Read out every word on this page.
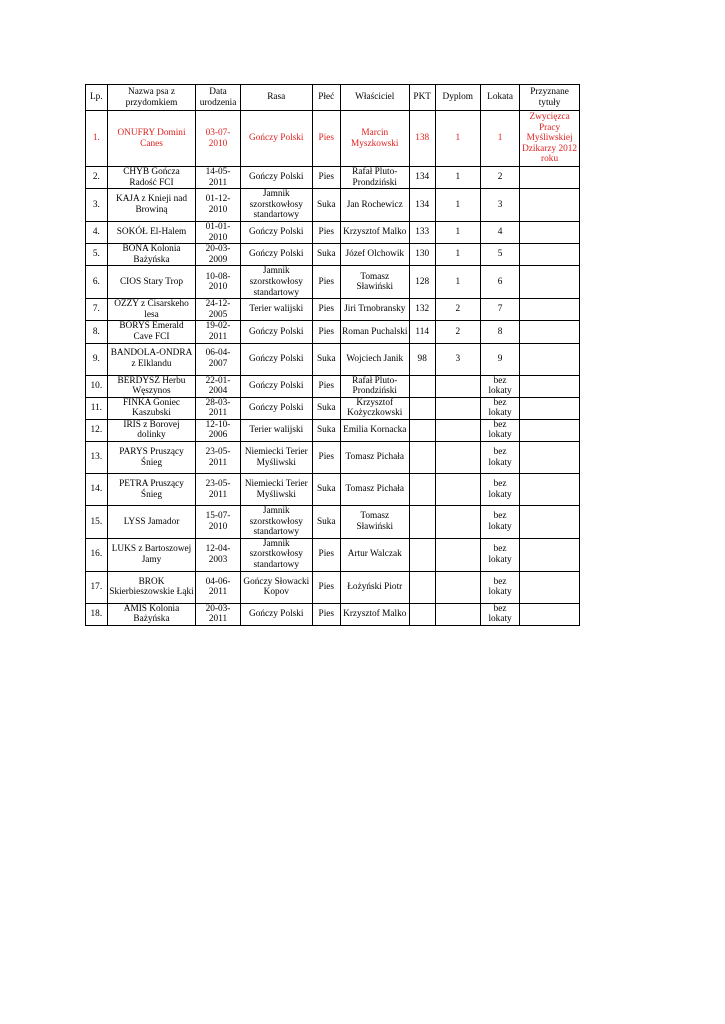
Lp.	Nazwa psa z przydomkiem	Data urodzenia	Rasa	Płeć	Właściciel	PKT	Dyplom	Lokata	Przyznane tytuły
1.	ONUFRY Domini Canes	03-07-2010	Gończy Polski	Pies	Marcin Myszkowski	138	1	1	Zwycięzca Pracy Myśliwskiej Dzikarzy 2012 roku
2.	CHYB Gończa Radość FCI	14-05-2011	Gończy Polski	Pies	Rafał Pluto-Prondziński	134	1	2	
3.	KAJA z Knieji nad Browiną	01-12-2010	Jamnik szorstkowłosy standartowy	Suka	Jan Rochewicz	134	1	3	
4.	SOKÓŁ El-Halem	01-01-2010	Gończy Polski	Pies	Krzysztof Malko	133	1	4	
5.	BONA Kolonia Bażyńska	20-03-2009	Gończy Polski	Suka	Józef Olchowik	130	1	5	
6.	CIOS Stary Trop	10-08-2010	Jamnik szorstkowłosy standartowy	Pies	Tomasz Sławiński	128	1	6	
7.	OZZY z Cisarskeho lesa	24-12-2005	Terier walijski	Pies	Jiri Trnobransky	132	2	7	
8.	BORYS Emerald Cave FCI	19-02-2011	Gończy Polski	Pies	Roman Puchalski	114	2	8	
9.	BANDOLA-ONDRA z Elklandu	06-04-2007	Gończy Polski	Suka	Wojciech Janik	98	3	9	
10.	BERDYSZ Herbu Węszynos	22-01-2004	Gończy Polski	Pies	Rafał Pluto-Prondziński			bez lokaty	
11.	FINKA Goniec Kaszubski	28-03-2011	Gończy Polski	Suka	Krzysztof Kożyczkowski			bez lokaty	
12.	IRIS z Borovej dolinky	12-10-2006	Terier walijski	Suka	Emilia Kornacka			bez lokaty	
13.	PARYS Pruszący Śnieg	23-05-2011	Niemiecki Terier Myśliwski	Pies	Tomasz Pichała			bez lokaty	
14.	PETRA Pruszący Śnieg	23-05-2011	Niemiecki Terier Myśliwski	Suka	Tomasz Pichała			bez lokaty	
15.	LYSS Jamador	15-07-2010	Jamnik szorstkowłosy standartowy	Suka	Tomasz Sławiński			bez lokaty	
16.	LUKS z Bartoszowej Jamy	12-04-2003	Jamnik szorstkowłosy standartowy	Pies	Artur Walczak			bez lokaty	
17.	BROK Skierbieszowskie Łąki	04-06-2011	Gończy Słowacki Kopov	Pies	Łożyński Piotr			bez lokaty	
18.	AMIS Kolonia Bażyńska	20-03-2011	Gończy Polski	Pies	Krzysztof Malko			bez lokaty	
